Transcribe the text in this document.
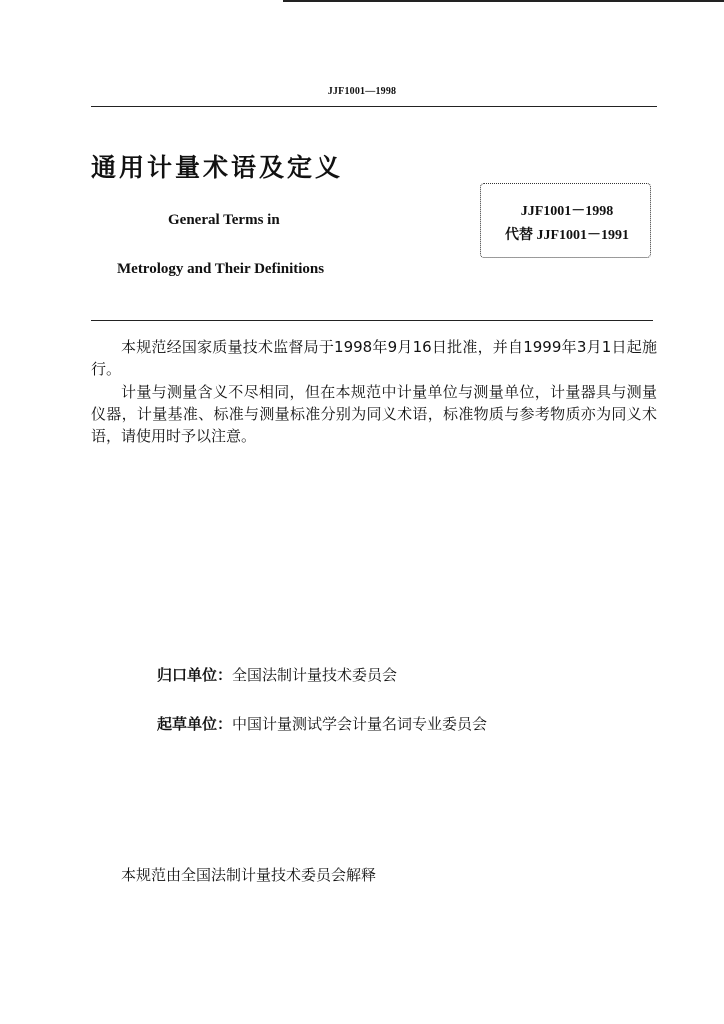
JJF1001—1998
通用计量术语及定义
General Terms in
Metrology and Their Definitions
JJF1001－1998
代替 JJF1001－1991
本规范经国家质量技术监督局于1998年9月16日批准，并自1999年3月1日起施行。
计量与测量含义不尽相同，但在本规范中计量单位与测量单位，计量器具与测量仪器，计量基准、标准与测量标准分别为同义术语，标准物质与参考物质亦为同义术语，请使用时予以注意。
归口单位：全国法制计量技术委员会
起草单位：中国计量测试学会计量名词专业委员会
本规范由全国法制计量技术委员会解释
